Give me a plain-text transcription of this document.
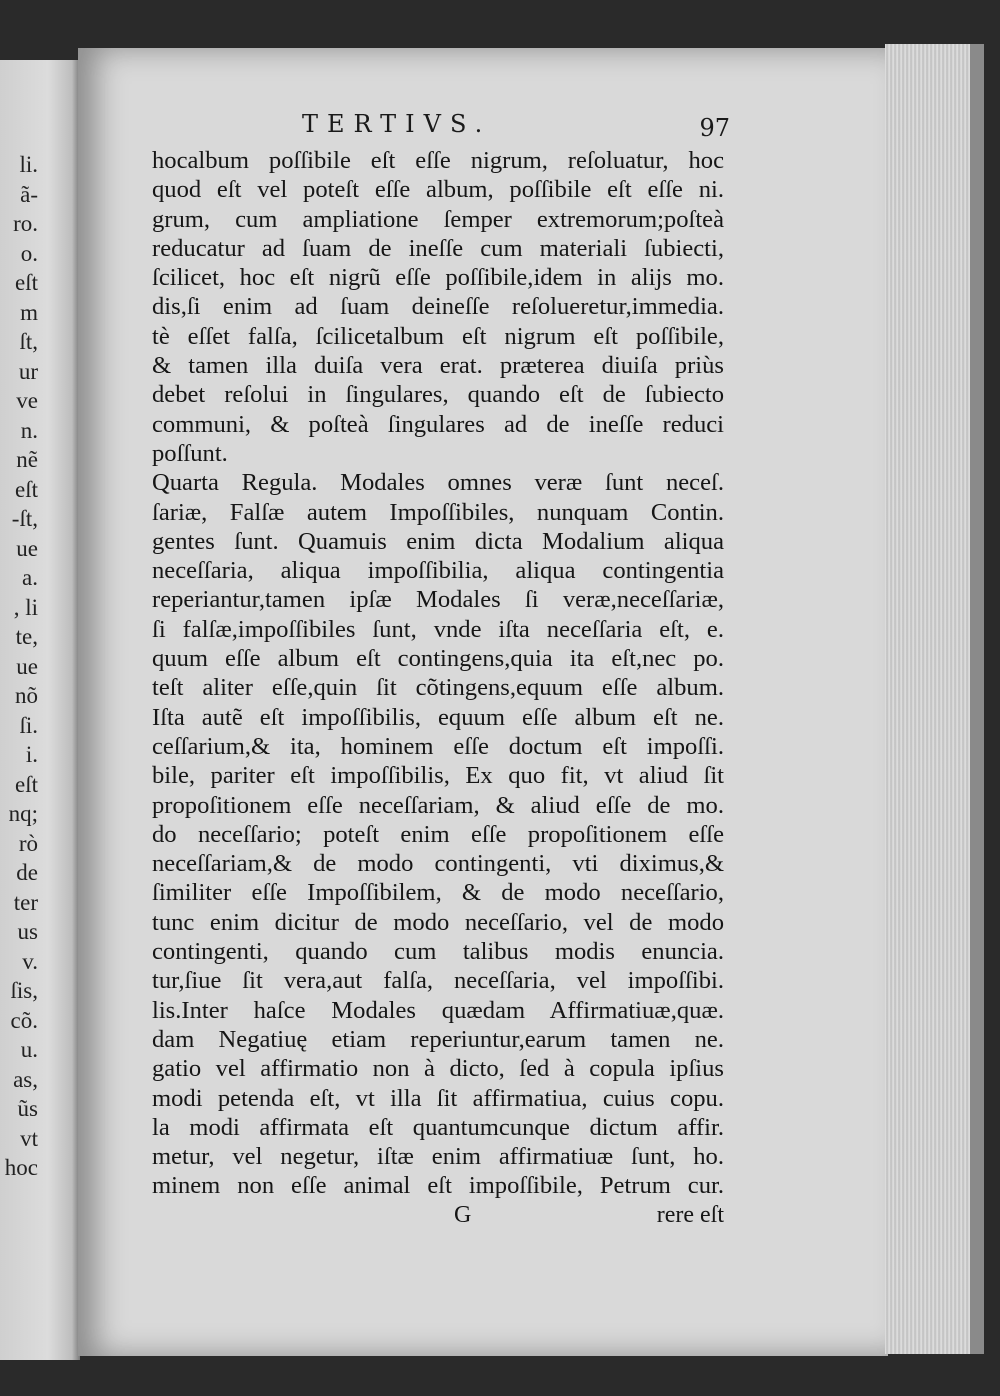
li.
ã-
ro.
o.
eſt
m
ſt,
ur
ve
n.
nẽ
eſt
-ſt,
ue
a.
, li
te,
ue
nõ
ſi.
i.
eſt
nq;
rò
de
ter
us
v.
ſis,
cõ.
u.
as,
ũs
vt
hoc
TERTIVS.	97
hocalbum poſſibile eſt eſſe nigrum, reſoluatur, hoc
quod eſt vel poteſt eſſe album, poſſibile eſt eſſe ni.
grum, cum ampliatione ſemper extremorum;poſteà
reducatur ad ſuam de ineſſe cum materiali ſubiecti,
ſcilicet, hoc eſt nigrũ eſſe poſſibile,idem in alijs mo.
dis,ſi enim ad ſuam deineſſe reſolueretur,immedia.
tè eſſet falſa, ſcilicetalbum eſt nigrum eſt poſſibile,
& tamen illa duiſa vera erat. præterea diuiſa priùs
debet reſolui in ſingulares, quando eſt de ſubiecto
communi, & poſteà ſingulares ad de ineſſe reduci
poſſunt.
Quarta Regula. Modales omnes veræ ſunt neceſ.
ſariæ, Falſæ autem Impoſſibiles, nunquam Contin.
gentes ſunt. Quamuis enim dicta Modalium aliqua
neceſſaria, aliqua impoſſibilia, aliqua contingentia
reperiantur,tamen ipſæ Modales ſi veræ,neceſſariæ,
ſi falſæ,impoſſibiles ſunt, vnde iſta neceſſaria eſt, e.
quum eſſe album eſt contingens,quia ita eſt,nec po.
teſt aliter eſſe,quin ſit cõtingens,equum eſſe album.
Iſta autẽ eſt impoſſibilis, equum eſſe album eſt ne.
ceſſarium,& ita, hominem eſſe doctum eſt impoſſi.
bile, pariter eſt impoſſibilis, Ex quo fit, vt aliud ſit
propoſitionem eſſe neceſſariam, & aliud eſſe de mo.
do neceſſario; poteſt enim eſſe propoſitionem eſſe
neceſſariam,& de modo contingenti, vti diximus,&
ſimiliter eſſe Impoſſibilem, & de modo neceſſario,
tunc enim dicitur de modo neceſſario, vel de modo
contingenti, quando cum talibus modis enuncia.
tur,ſiue ſit vera,aut falſa, neceſſaria, vel impoſſibi.
lis.Inter haſce Modales quædam Affirmatiuæ,quæ.
dam Negatiuę etiam reperiuntur,earum tamen ne.
gatio vel affirmatio non à dicto, ſed à copula ipſius
modi petenda eſt, vt illa ſit affirmatiua, cuius copu.
la modi affirmata eſt quantumcunque dictum affir.
metur, vel negetur, iſtæ enim affirmatiuæ ſunt, ho.
minem non eſſe animal eſt impoſſibile, Petrum cur.
G	rere eſt
